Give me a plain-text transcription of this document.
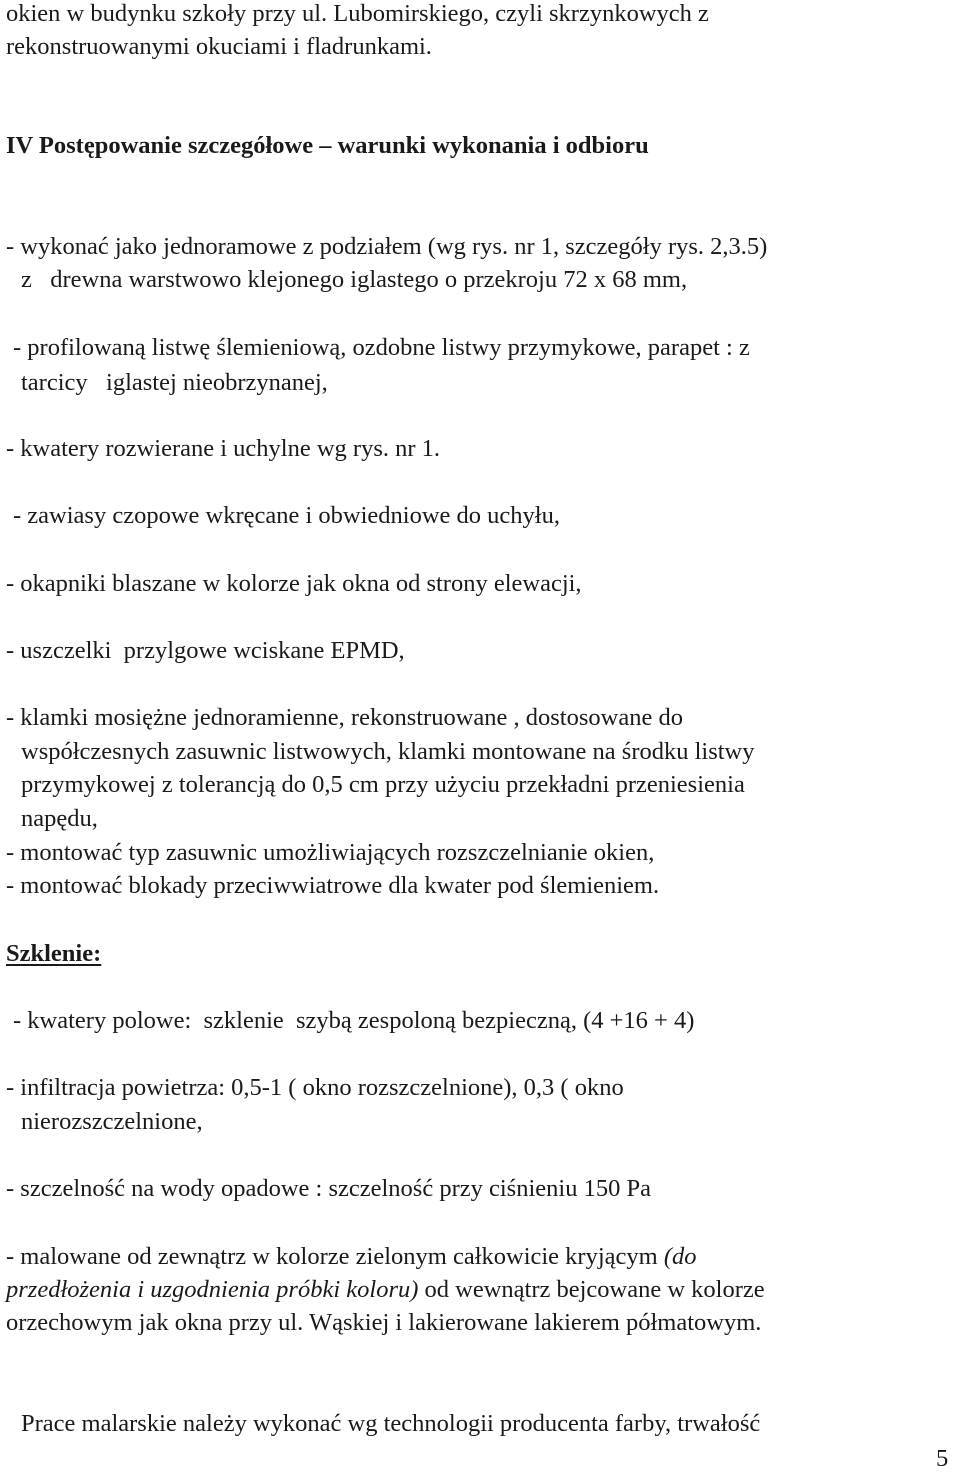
okien w budynku szkoły przy ul. Lubomirskiego, czyli skrzynkowych z
rekonstruowanymi okuciami i fladrunkami.
IV Postępowanie szczegółowe – warunki wykonania i odbioru
- wykonać jako jednoramowe z podziałem (wg rys. nr 1, szczegóły rys. 2,3.5)
z   drewna warstwowo klejonego iglastego o przekroju 72 x 68 mm,
- profilowaną listwę ślemieniową, ozdobne listwy przymykowe, parapet : z
tarcicy   iglastej nieobrzynanej,
- kwatery rozwierane i uchylne wg rys. nr 1.
- zawiasy czopowe wkręcane i obwiedniowe do uchyłu,
- okapniki blaszane w kolorze jak okna od strony elewacji,
- uszczelki  przylgowe wciskane EPMD,
- klamki mosiężne jednoramienne, rekonstruowane , dostosowane do
współczesnych zasuwnic listwowych, klamki montowane na środku listwy
przymykowej z tolerancją do 0,5 cm przy użyciu przekładni przeniesienia
napędu,
- montować typ zasuwnic umożliwiających rozszczelnianie okien,
- montować blokady przeciwwiatrowe dla kwater pod ślemieniem.
Szklenie:
- kwatery polowe:  szklenie  szybą zespoloną bezpieczną, (4 +16 + 4)
- infiltracja powietrza: 0,5-1 ( okno rozszczelnione), 0,3 ( okno
nierozszczelnione,
- szczelność na wody opadowe : szczelność przy ciśnieniu 150 Pa
- malowane od zewnątrz w kolorze zielonym całkowicie kryjącym (do
przedłożenia i uzgodnienia próbki koloru) od wewnątrz bejcowane w kolorze
orzechowym jak okna przy ul. Wąskiej i lakierowane lakierem półmatowym.
Prace malarskie należy wykonać wg technologii producenta farby, trwałość
5
